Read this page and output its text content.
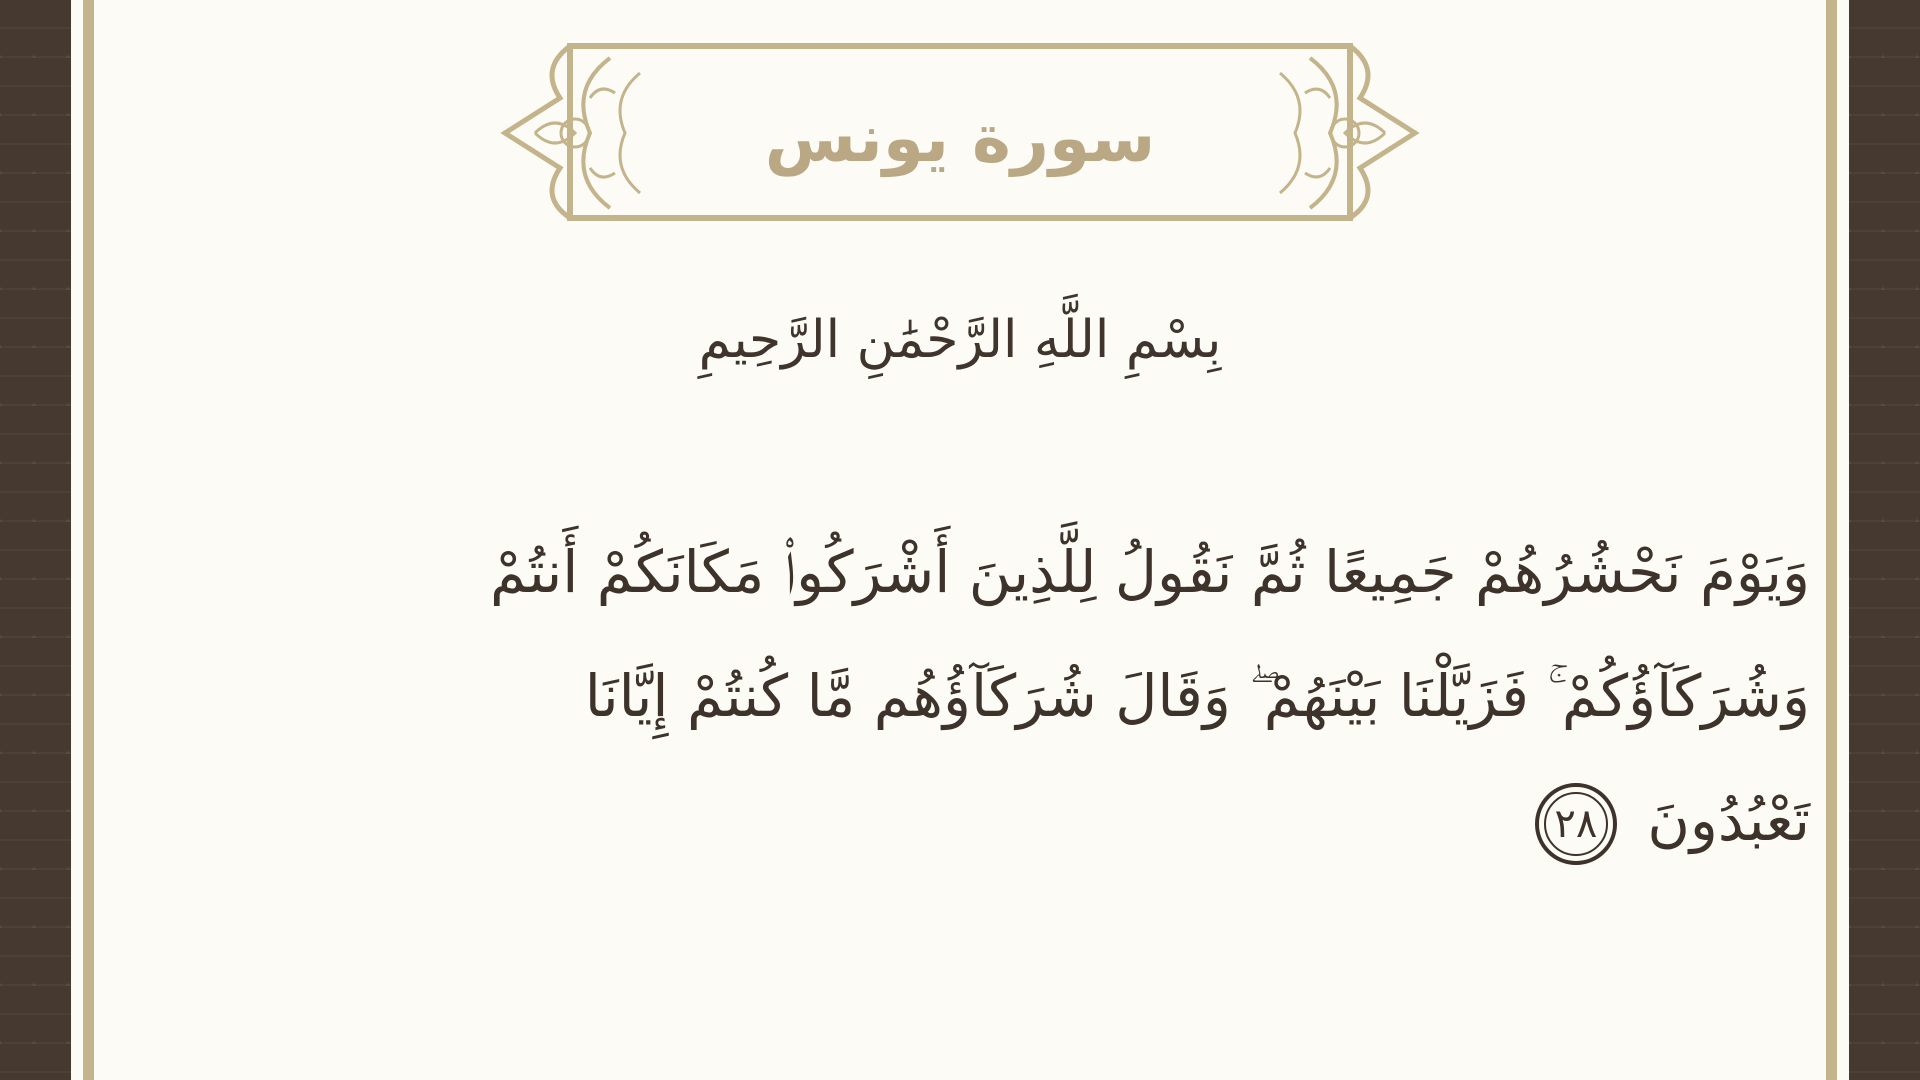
سورة يونس
بِسْمِ اللَّهِ الرَّحْمَٰنِ الرَّحِيمِ
وَيَوْمَ نَحْشُرُهُمْ جَمِيعًا ثُمَّ نَقُولُ لِلَّذِينَ أَشْرَكُوا۟ مَكَانَكُمْ أَنتُمْ وَشُرَكَآؤُكُمْ ۚ فَزَيَّلْنَا بَيْنَهُمْ ۖ وَقَالَ شُرَكَآؤُهُم مَّا كُنتُمْ إِيَّانَا تَعْبُدُونَ ٢٨
